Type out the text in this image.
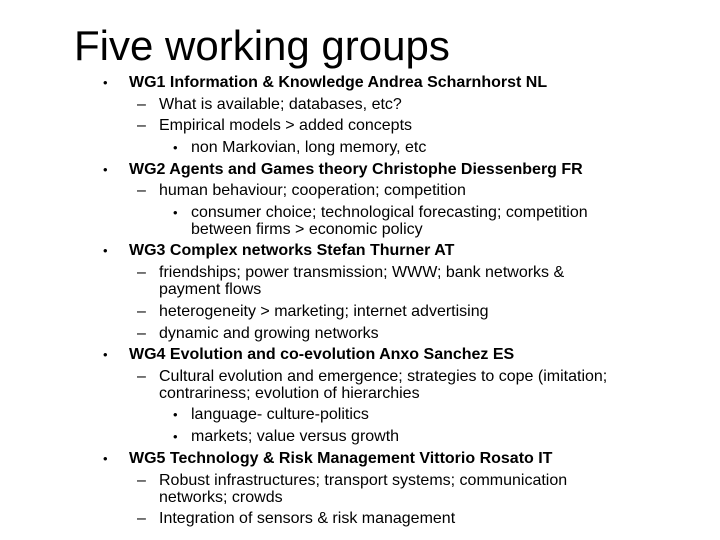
Five working groups
• WG1 Information & Knowledge Andrea Scharnhorst NL
– What is available; databases, etc?
– Empirical models > added concepts
• non Markovian, long memory, etc
• WG2 Agents and Games theory Christophe Diessenberg FR
– human behaviour; cooperation; competition
• consumer choice; technological forecasting; competition
between firms > economic policy
• WG3 Complex networks Stefan Thurner AT
– friendships; power transmission; WWW; bank networks &
payment flows
– heterogeneity > marketing; internet advertising
– dynamic and growing networks
• WG4 Evolution and co-evolution Anxo Sanchez ES
– Cultural evolution and emergence; strategies to cope (imitation;
contrariness; evolution of hierarchies
• language- culture-politics
• markets; value versus growth
• WG5 Technology & Risk Management Vittorio Rosato IT
– Robust infrastructures; transport systems; communication
networks; crowds
– Integration of sensors & risk management
